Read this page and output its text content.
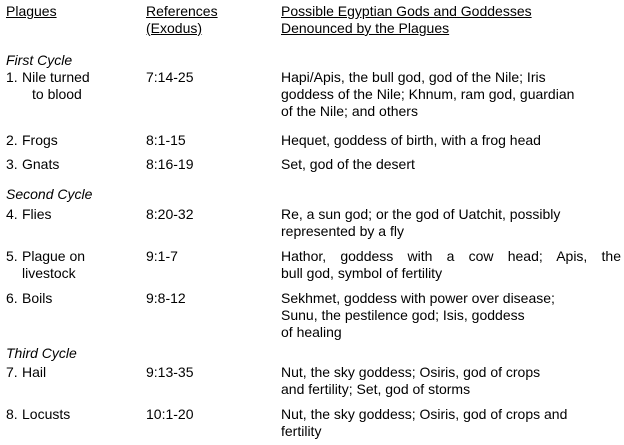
Plagues	References
(Exodus)
Possible Egyptian Gods and Goddesses
Denounced by the Plagues
First Cycle
1. Nile turned
to blood
7:14-25	Hapi/Apis, the bull god, god of the Nile; Iris
goddess of the Nile; Khnum, ram god, guardian
of the Nile; and others
2. Frogs	8:1-15	Hequet, goddess of birth, with a frog head
3. Gnats	8:16-19	Set, god of the desert
Second Cycle
4. Flies	8:20-32	Re, a sun god; or the god of Uatchit, possibly
represented by a fly
5. Plague on
livestock
9:1-7	Hathor, goddess with a cow head; Apis, the
bull god, symbol of fertility
6. Boils	9:8-12	Sekhmet, goddess with power over disease;
Sunu, the pestilence god; Isis, goddess
of healing
Third Cycle
7. Hail	9:13-35	Nut, the sky goddess; Osiris, god of crops
and fertility; Set, god of storms
8. Locusts	10:1-20	Nut, the sky goddess; Osiris, god of crops and
fertility
